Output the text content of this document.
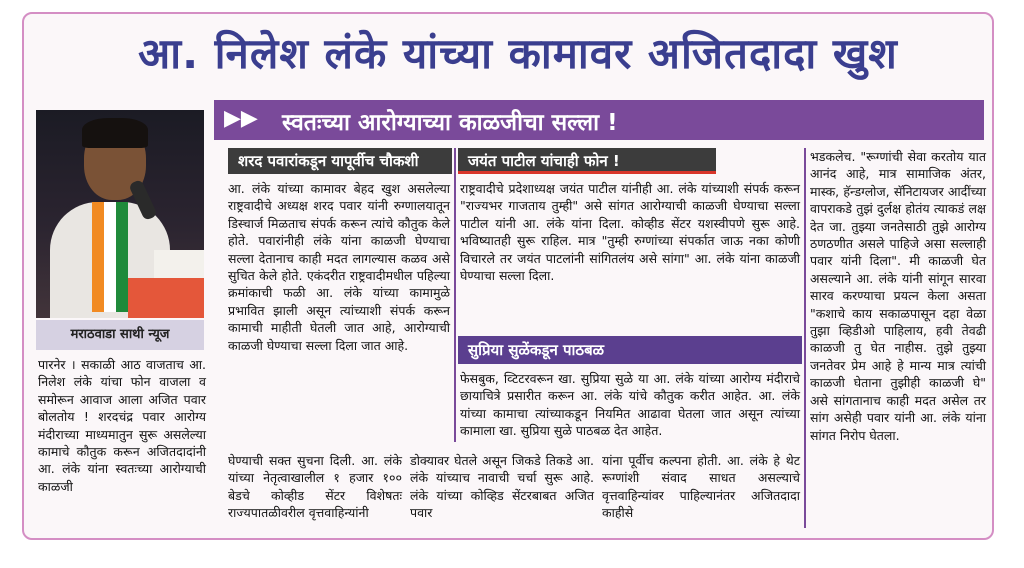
आ. निलेश लंके यांच्या कामावर अजितदादा खुश
▶▶ स्वतःच्या आरोग्याच्या काळजीचा सल्ला !
मराठवाडा साथी न्यूज

पारनेर । सकाळी आठ वाजताच आ. निलेश लंके यांचा फोन वाजला व समोरून आवाज आला अजित पवार बोलतोय ! शरदचंद्र पवार आरोग्य मंदीराच्या माध्यमातुन सुरू असलेल्या कामाचे कौतुक करून अजितदादांनी आ. लंके यांना स्वतःच्या आरोग्याची काळजी

शरद पवारांकडून यापूर्वीच चौकशी

आ. लंके यांच्या कामावर बेहद खुश असलेल्या राष्ट्रवादीचे अध्यक्ष शरद पवार यांनी रुग्णालयातून डिस्चार्ज मिळताच संपर्क करून त्यांचे कौतुक केले होते. पवारांनीही लंके यांना काळजी घेण्याचा सल्ला देतानाच काही मदत लागल्यास कळव असे सुचित केले होते. एकंदरीत राष्ट्रवादीमधील पहिल्या क्रमांकाची फळी आ. लंके यांच्या कामामुळे प्रभावित झाली असून त्यांच्याशी संपर्क करून कामाची माहीती घेतली जात आहे, आरोग्याची काळजी घेण्याचा सल्ला दिला जात आहे.

जयंत पाटील यांचाही फोन !

राष्ट्रवादीचे प्रदेशाध्यक्ष जयंत पाटील यांनीही आ. लंके यांच्याशी संपर्क करून "राज्यभर गाजताय तुम्ही" असे सांगत आरोग्याची काळजी घेण्याचा सल्ला पाटील यांनी आ. लंके यांना दिला. कोव्हीड सेंटर यशस्वीपणे सुरू आहे. भविष्यातही सुरू राहिल. मात्र "तुम्ही रुग्णांच्या संपर्कात जाऊ नका कोणी विचारले तर जयंत पाटलांनी सांगितलंय असे सांगा" आ. लंके यांना काळजी घेण्याचा सल्ला दिला.

सुप्रिया सुळेंकडून पाठबळ

फेसबुक, व्टिटरवरून खा. सुप्रिया सुळे या आ. लंके यांच्या आरोग्य मंदीराचे छायाचित्रे प्रसारीत करून आ. लंके यांचे कौतुक करीत आहेत. आ. लंके यांच्या कामाचा त्यांच्याकडून नियमित आढावा घेतला जात असून त्यांच्या कामाला खा. सुप्रिया सुळे पाठबळ देत आहेत.

घेण्याची सक्त सुचना दिली. आ. लंके यांच्या नेतृत्वाखालील १ हजार १०० बेडचे कोव्हीड सेंटर विशेषतः राज्यपातळीवरील वृत्तवाहिन्यांनी

डोक्यावर घेतले असून जिकडे तिकडे आ. लंके यांच्याच नावाची चर्चा सुरू आहे. लंके यांच्या कोव्हिड सेंटरबाबत अजित पवार

यांना पूर्वीच कल्पना होती. आ. लंके हे थेट रूग्णांशी संवाद साधत असल्याचे वृत्तवाहिन्यांवर पाहिल्यानंतर अजितदादा काहीसे

भडकलेच. "रूग्णांची सेवा करतोय यात आनंद आहे, मात्र सामाजिक अंतर, मास्क, हॅन्डग्लोज, सॅनिटायजर आदींच्या वापराकडे तुझं दुर्लक्ष होतंय त्याकडं लक्ष देत जा. तुझ्या जनतेसाठी तुझे आरोग्य ठणठणीत असले पाहिजे असा सल्लाही पवार यांनी दिला". मी काळजी घेत असल्याने आ. लंके यांनी सांगून सारवा सारव करण्याचा प्रयत्न केला असता "कशाचे काय सकाळपासून दहा वेळा तुझा व्हिडीओ पाहिलाय, हवी तेवढी काळजी तु घेत नाहीस. तुझे तुझ्या जनतेवर प्रेम आहे हे मान्य मात्र त्यांची काळजी घेताना तुझीही काळजी घे" असे सांगतानाच काही मदत असेल तर सांग असेही पवार यांनी आ. लंके यांना सांगत निरोप घेतला.
